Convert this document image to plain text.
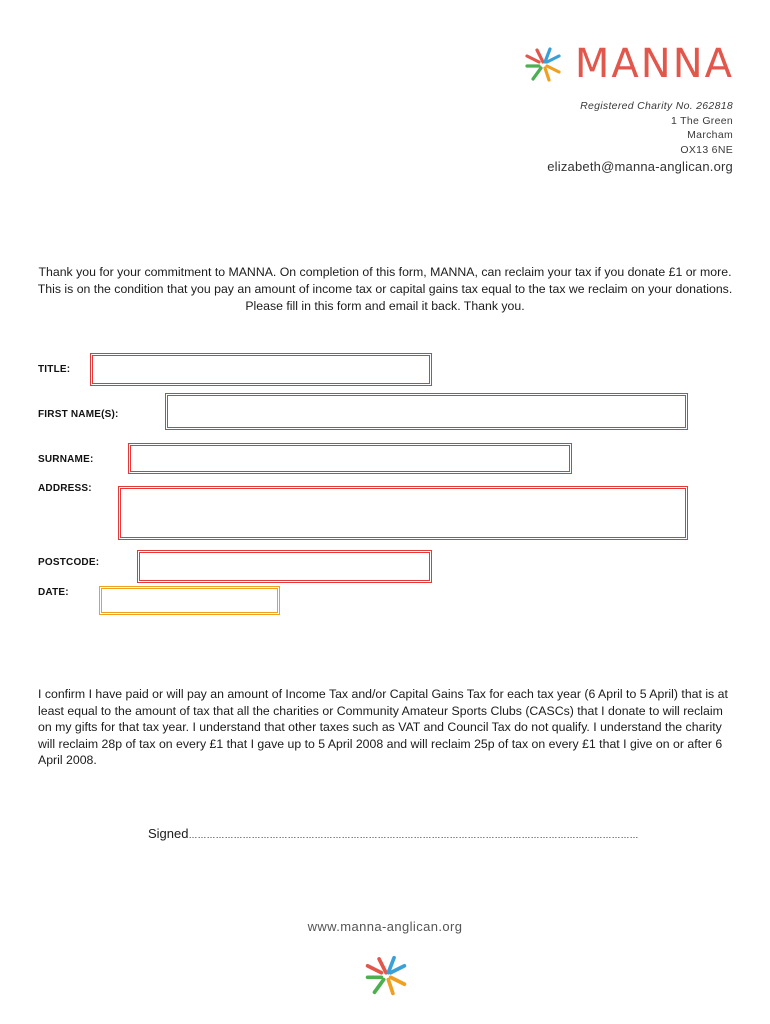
MANNA
Registered Charity No. 262818
1 The Green
Marcham
OX13 6NE
elizabeth@manna-anglican.org
Thank you for your commitment to MANNA. On completion of this form, MANNA, can reclaim your tax if you donate £1 or more. This is on the condition that you pay an amount of income tax or capital gains tax equal to the tax we reclaim on your donations. Please fill in this form and email it back. Thank you.
TITLE:
FIRST NAME(S):
SURNAME:
ADDRESS:
POSTCODE:
DATE:
I confirm I have paid or will pay an amount of Income Tax and/or Capital Gains Tax for each tax year (6 April to 5 April) that is at least equal to the amount of tax that all the charities or Community Amateur Sports Clubs (CASCs) that I donate to will reclaim on my gifts for that tax year. I understand that other taxes such as VAT and Council Tax do not qualify. I understand the charity will reclaim 28p of tax on every £1 that I gave up to 5 April 2008 and will reclaim 25p of tax on every £1 that I give on or after 6 April 2008.
Signed……………………………………………………………………………………………………………………………………
www.manna-anglican.org
